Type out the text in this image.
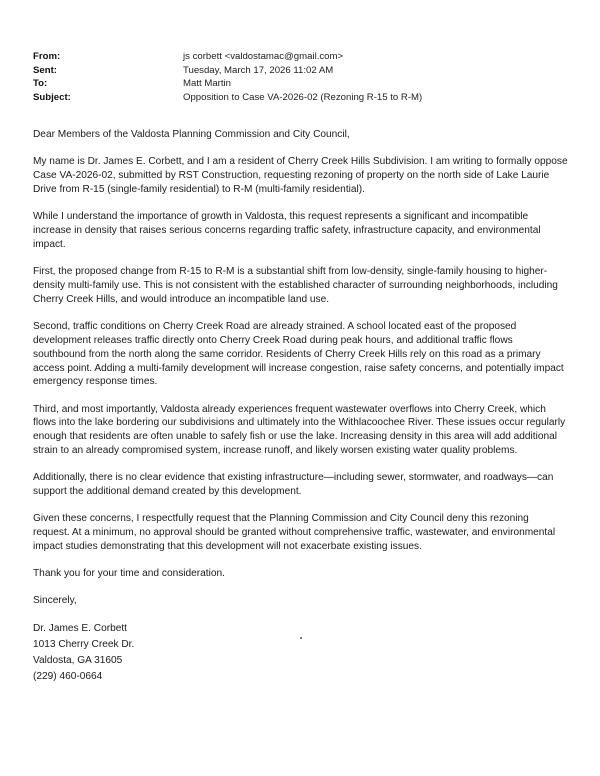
From:	js corbett <valdostamac@gmail.com>
Sent:	Tuesday, March 17, 2026 11:02 AM
To:	Matt Martin
Subject:	Opposition to Case VA-2026-02 (Rezoning R-15 to R-M)

Dear Members of the Valdosta Planning Commission and City Council,

My name is Dr. James E. Corbett, and I am a resident of Cherry Creek Hills Subdivision. I am writing to formally oppose Case VA-2026-02, submitted by RST Construction, requesting rezoning of property on the north side of Lake Laurie Drive from R-15 (single-family residential) to R-M (multi-family residential).

While I understand the importance of growth in Valdosta, this request represents a significant and incompatible increase in density that raises serious concerns regarding traffic safety, infrastructure capacity, and environmental impact.

First, the proposed change from R-15 to R-M is a substantial shift from low-density, single-family housing to higher-density multi-family use. This is not consistent with the established character of surrounding neighborhoods, including Cherry Creek Hills, and would introduce an incompatible land use.

Second, traffic conditions on Cherry Creek Road are already strained. A school located east of the proposed development releases traffic directly onto Cherry Creek Road during peak hours, and additional traffic flows southbound from the north along the same corridor. Residents of Cherry Creek Hills rely on this road as a primary access point. Adding a multi-family development will increase congestion, raise safety concerns, and potentially impact emergency response times.

Third, and most importantly, Valdosta already experiences frequent wastewater overflows into Cherry Creek, which flows into the lake bordering our subdivisions and ultimately into the Withlacoochee River. These issues occur regularly enough that residents are often unable to safely fish or use the lake. Increasing density in this area will add additional strain to an already compromised system, increase runoff, and likely worsen existing water quality problems.

Additionally, there is no clear evidence that existing infrastructure—including sewer, stormwater, and roadways—can support the additional demand created by this development.

Given these concerns, I respectfully request that the Planning Commission and City Council deny this rezoning request. At a minimum, no approval should be granted without comprehensive traffic, wastewater, and environmental impact studies demonstrating that this development will not exacerbate existing issues.

Thank you for your time and consideration.

Sincerely,

Dr. James E. Corbett
1013 Cherry Creek Dr.
Valdosta, GA 31605
(229) 460-0664
